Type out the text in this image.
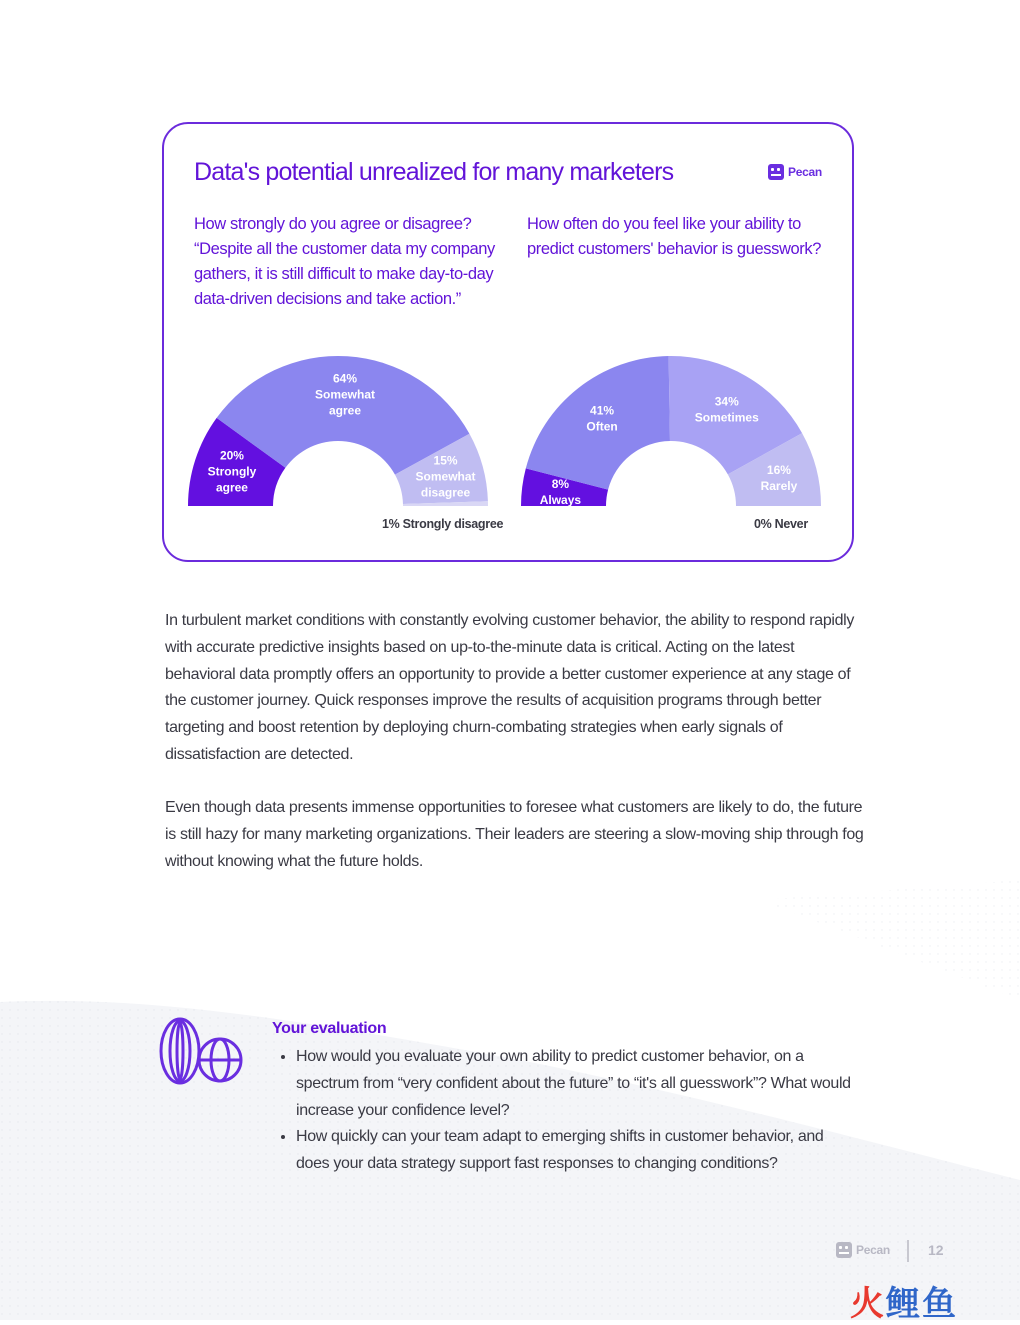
Data's potential unrealized for many marketers	Pecan

How strongly do you agree or disagree? “Despite all the customer data my company gathers, it is still difficult to make day-to-day data-driven decisions and take action.”

How often do you feel like your ability to predict customers' behavior is guesswork?

20% Strongly agree
64% Somewhat agree
15% Somewhat disagree
8% Always
41% Often
34% Sometimes
16% Rarely
1% Strongly disagree	0% Never

In turbulent market conditions with constantly evolving customer behavior, the ability to respond rapidly with accurate predictive insights based on up-to-the-minute data is critical. Acting on the latest behavioral data promptly offers an opportunity to provide a better customer experience at any stage of the customer journey. Quick responses improve the results of acquisition programs through better targeting and boost retention by deploying churn-combating strategies when early signals of dissatisfaction are detected.

Even though data presents immense opportunities to foresee what customers are likely to do, the future is still hazy for many marketing organizations. Their leaders are steering a slow-moving ship through fog without knowing what the future holds.

Your evaluation
• How would you evaluate your own ability to predict customer behavior, on a spectrum from “very confident about the future” to “it's all guesswork”? What would increase your confidence level?
• How quickly can your team adapt to emerging shifts in customer behavior, and does your data strategy support fast responses to changing conditions?
Pecan	12
火鲤鱼
